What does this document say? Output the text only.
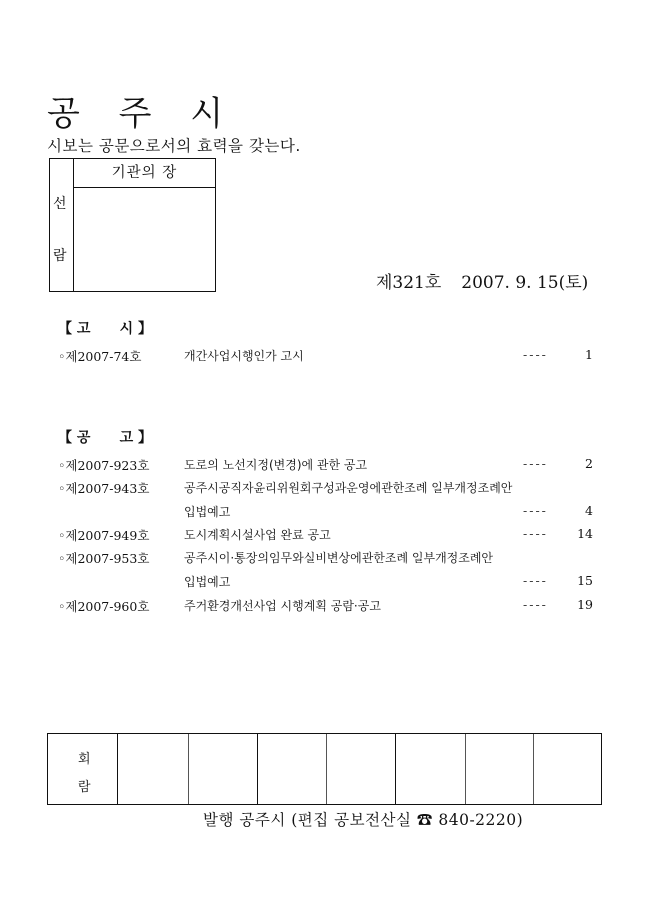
공 주 시
시보는 공문으로서의 효력을 갖는다.
선
람
기관의 장
제321호 2007. 9. 15(토)
【 고      시 】
◦제2007-74호	개간사업시행인가 고시	----	1
【 공      고 】
◦제2007-923호	도로의 노선지정(변경)에 관한 공고	----	2
◦제2007-943호	공주시공직자윤리위원회구성과운영에관한조례 일부개정조례안
입법예고	----	4
◦제2007-949호	도시계획시설사업 완료 공고	---- 14
◦제2007-953호	공주시이·통장의임무와실비변상에관한조례 일부개정조례안
입법예고	---- 15
◦제2007-960호	주거환경개선사업 시행계획 공람·공고	---- 19
회
람
발행 공주시 (편집 공보전산실 ☎ 840-2220)
